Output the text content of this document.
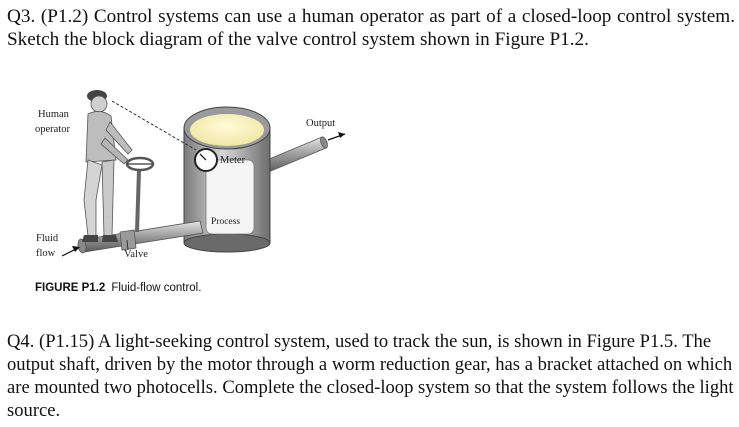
Q3. (P1.2) Control systems can use a human operator as part of a closed-loop control system. Sketch the block diagram of the valve control system shown in Figure P1.2.
Human
operator
Output
Meter
Process
Fluid
flow	Valve
FIGURE P1.2 Fluid-flow control.
Q4. (P1.15) A light-seeking control system, used to track the sun, is shown in Figure P1.5. The output shaft, driven by the motor through a worm reduction gear, has a bracket attached on which are mounted two photocells. Complete the closed-loop system so that the system follows the light source.
